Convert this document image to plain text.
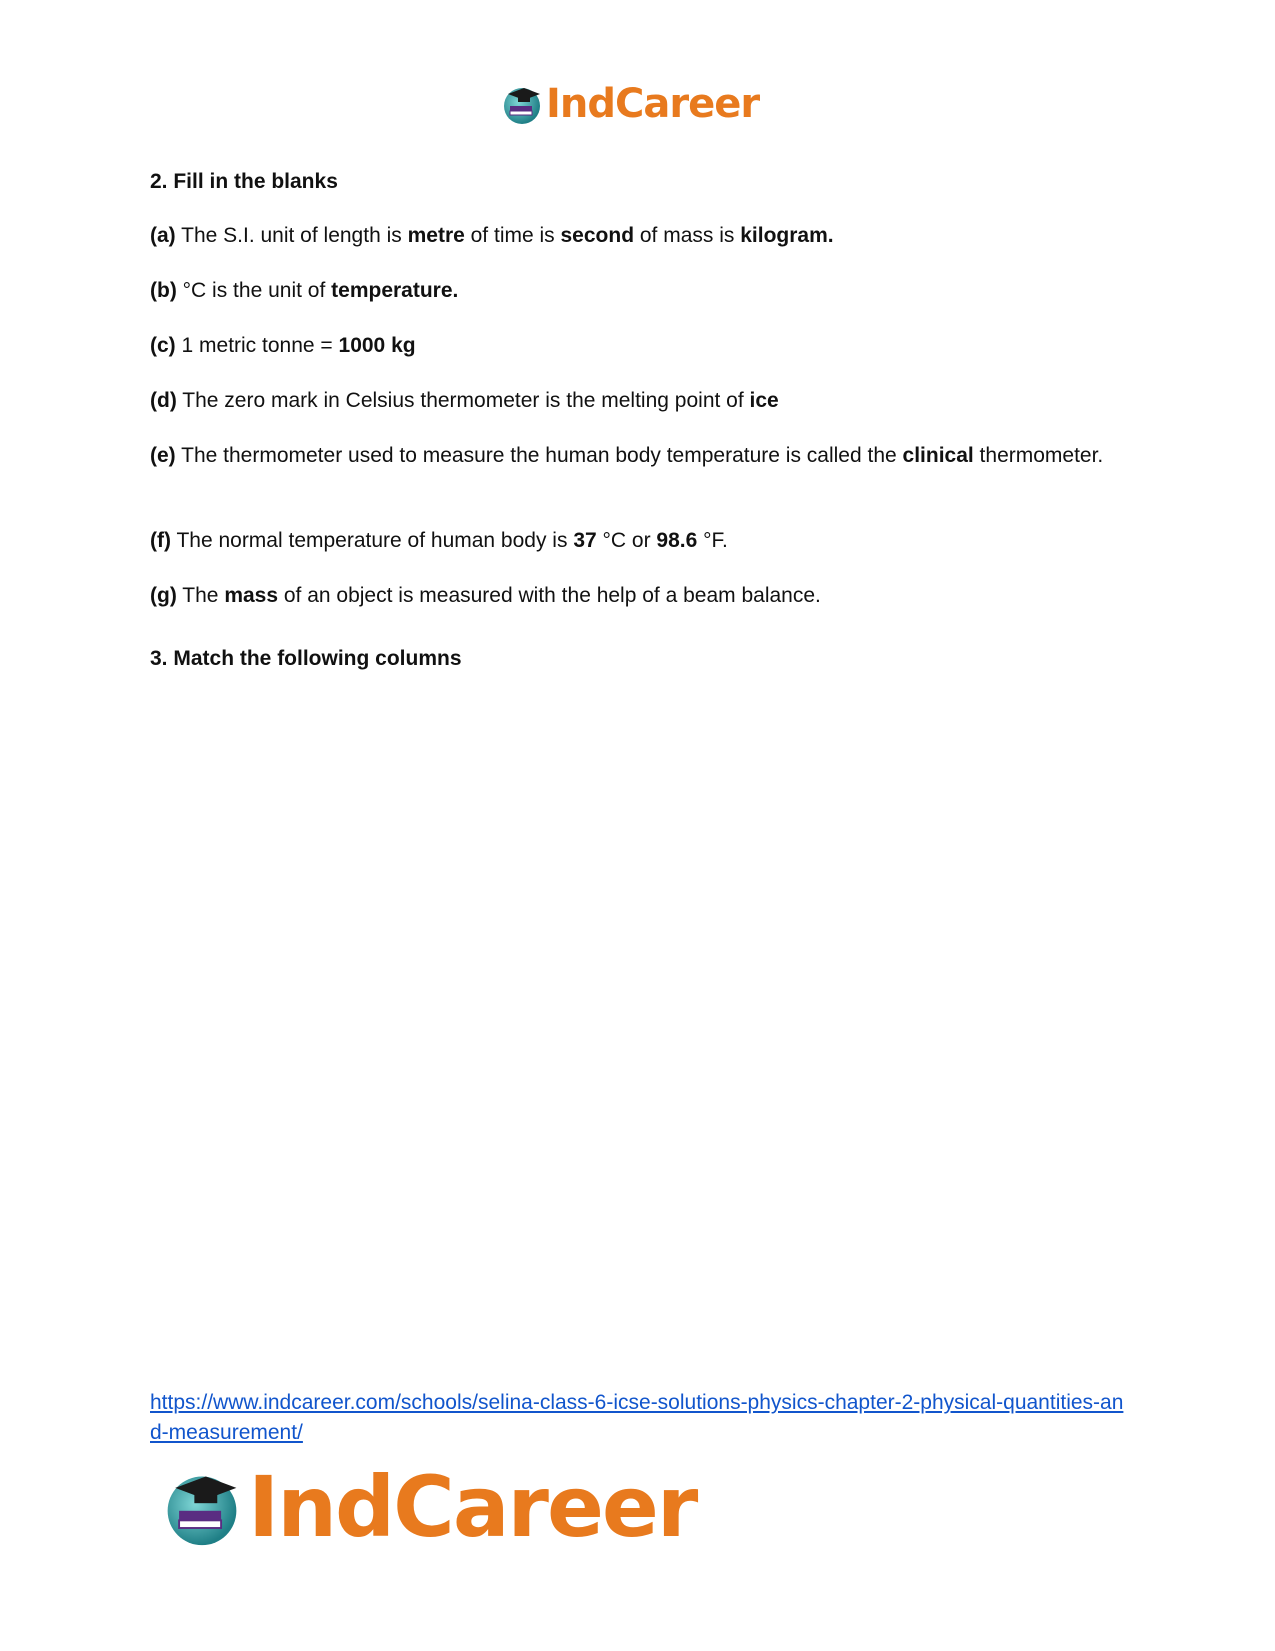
IndCareer
2. Fill in the blanks
(a) The S.I. unit of length is metre of time is second of mass is kilogram.
(b) °C is the unit of temperature.
(c) 1 metric tonne = 1000 kg
(d) The zero mark in Celsius thermometer is the melting point of ice
(e) The thermometer used to measure the human body temperature is called the clinical thermometer.
(f) The normal temperature of human body is 37 °C or 98.6 °F.
(g) The mass of an object is measured with the help of a beam balance.
3. Match the following columns
https://www.indcareer.com/schools/selina-class-6-icse-solutions-physics-chapter-2-physical-quantities-and-measurement/
IndCareer
